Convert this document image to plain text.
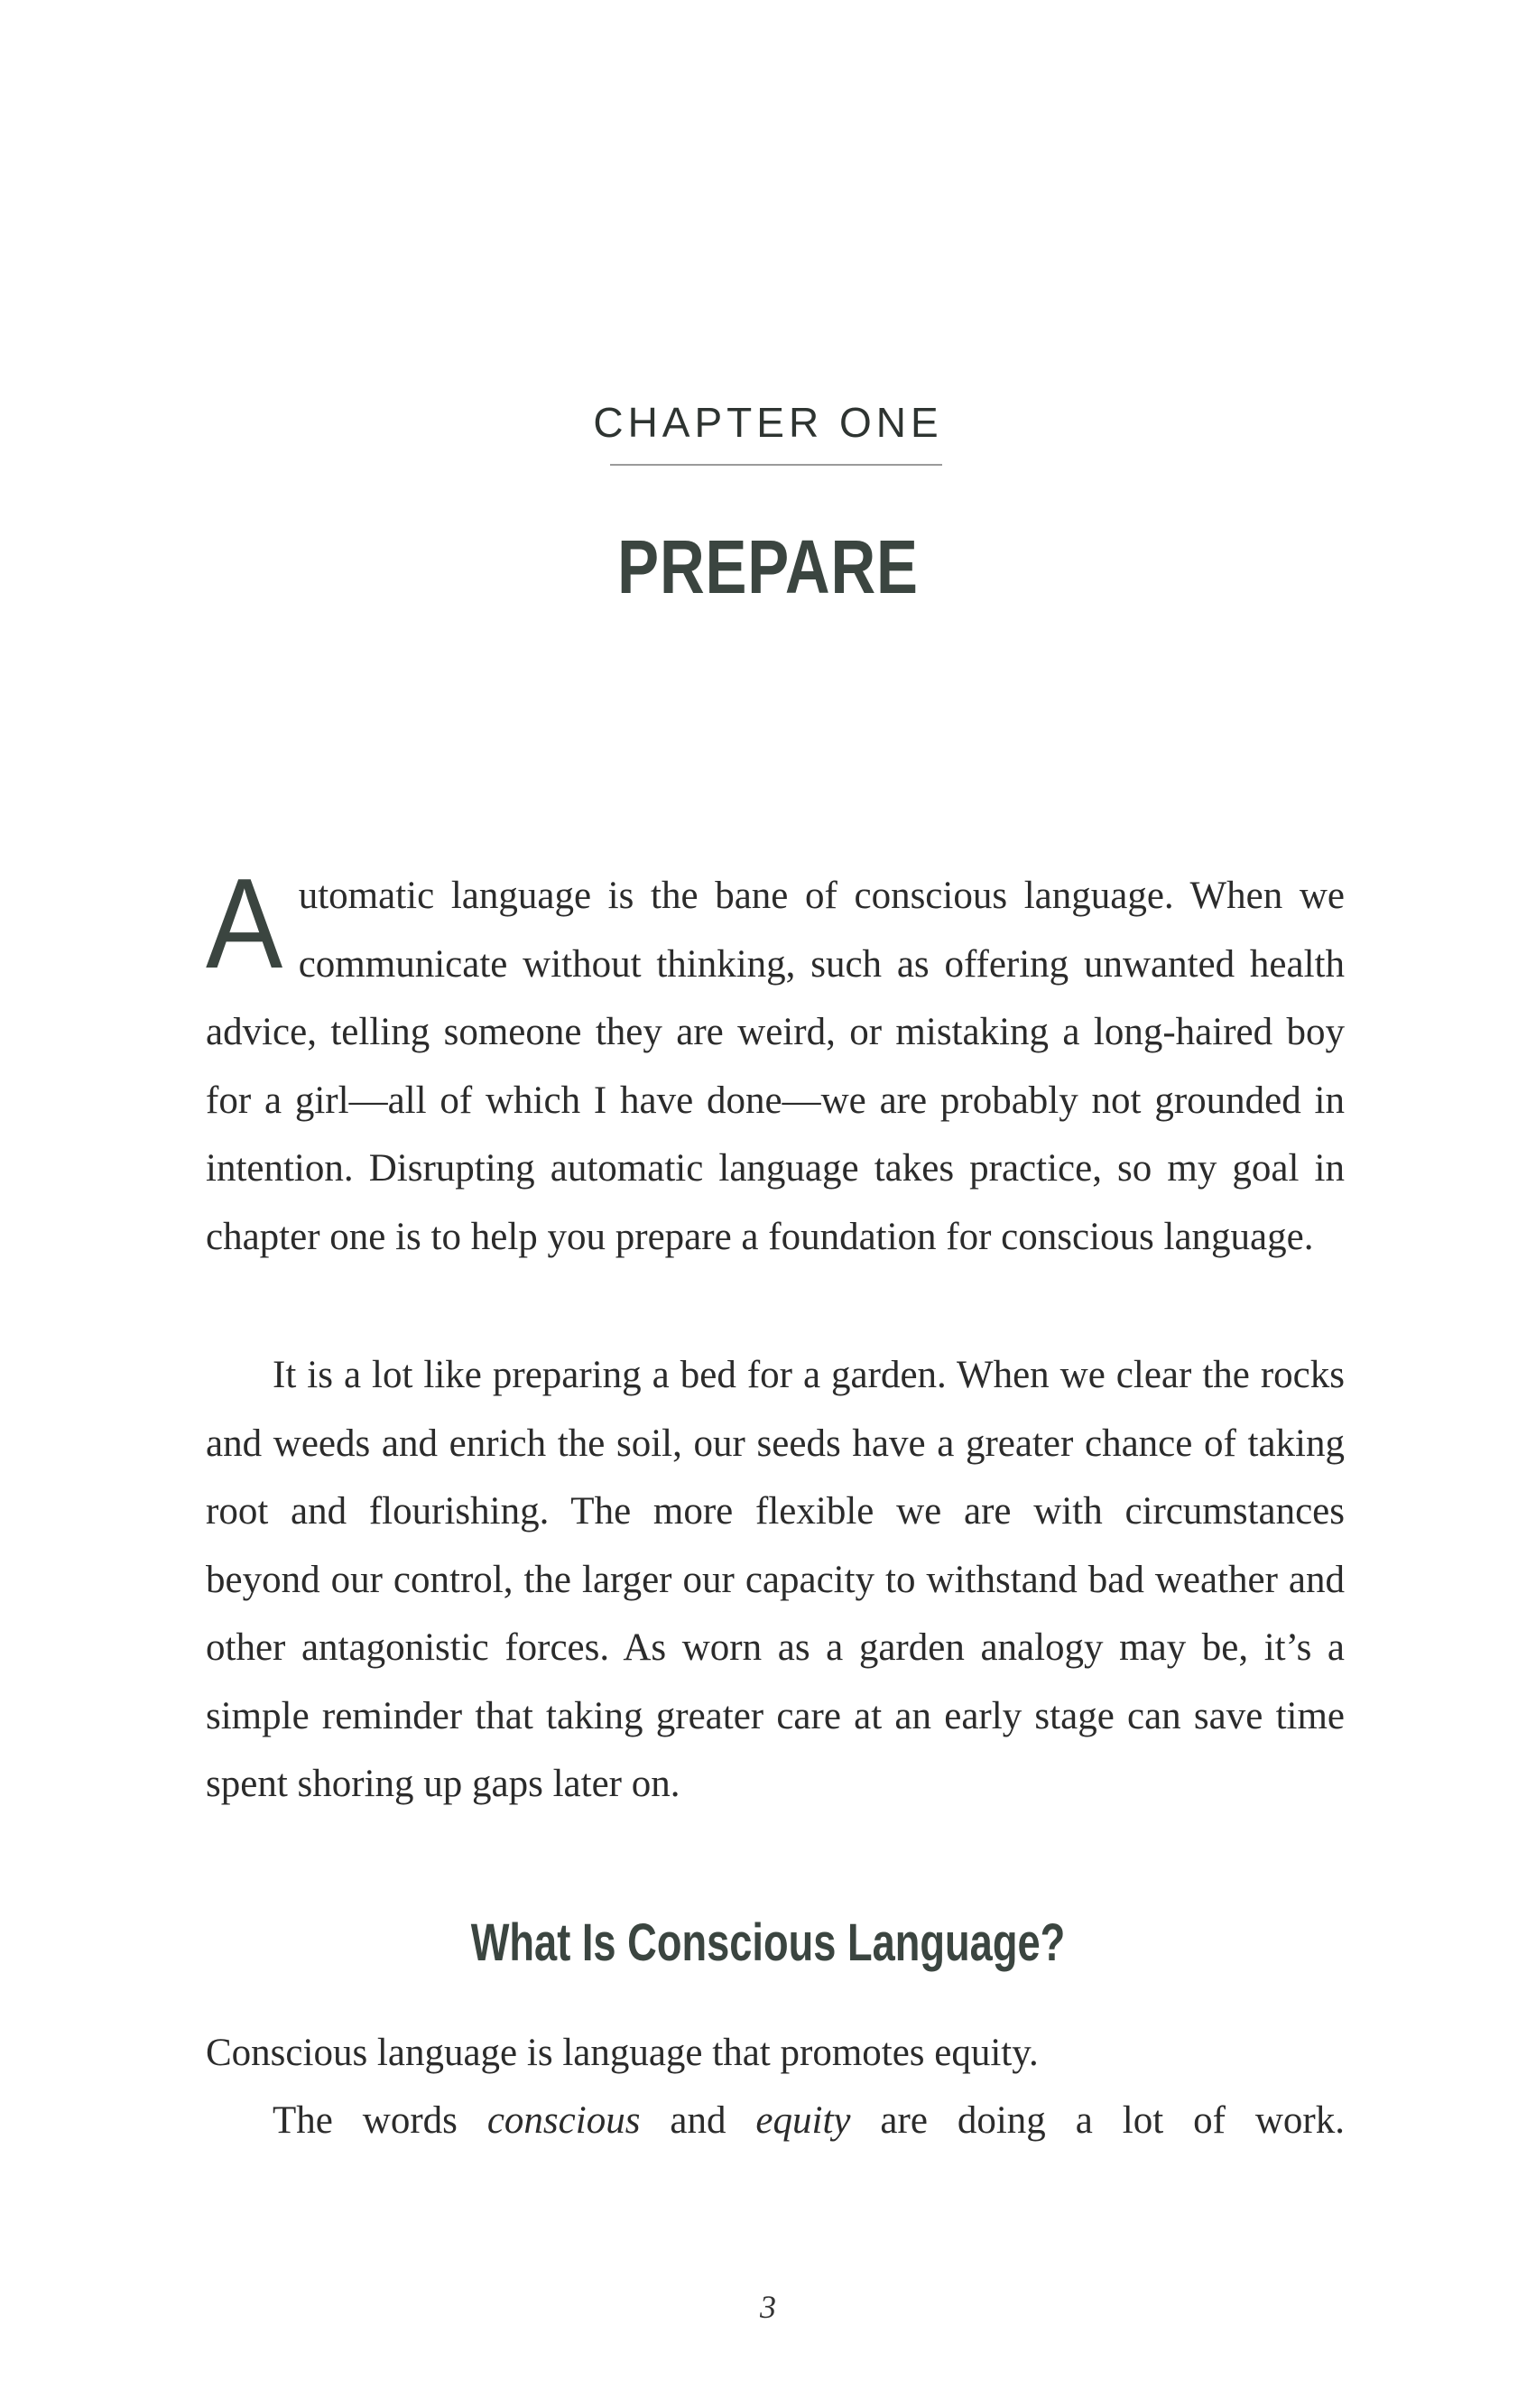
CHAPTER ONE
PREPARE

Automatic language is the bane of conscious language. When we communicate without thinking, such as offering unwanted health advice, telling someone they are weird, or mistaking a long-haired boy for a girl—all of which I have done—we are probably not grounded in intention. Disrupting automatic language takes practice, so my goal in chapter one is to help you prepare a foundation for conscious language.

It is a lot like preparing a bed for a garden. When we clear the rocks and weeds and enrich the soil, our seeds have a greater chance of taking root and flourishing. The more flexible we are with circumstances beyond our control, the larger our capacity to withstand bad weather and other antagonistic forces. As worn as a garden analogy may be, it’s a simple reminder that taking greater care at an early stage can save time spent shoring up gaps later on.

What Is Conscious Language?

Conscious language is language that promotes equity.

The words conscious and equity are doing a lot of work.

3
